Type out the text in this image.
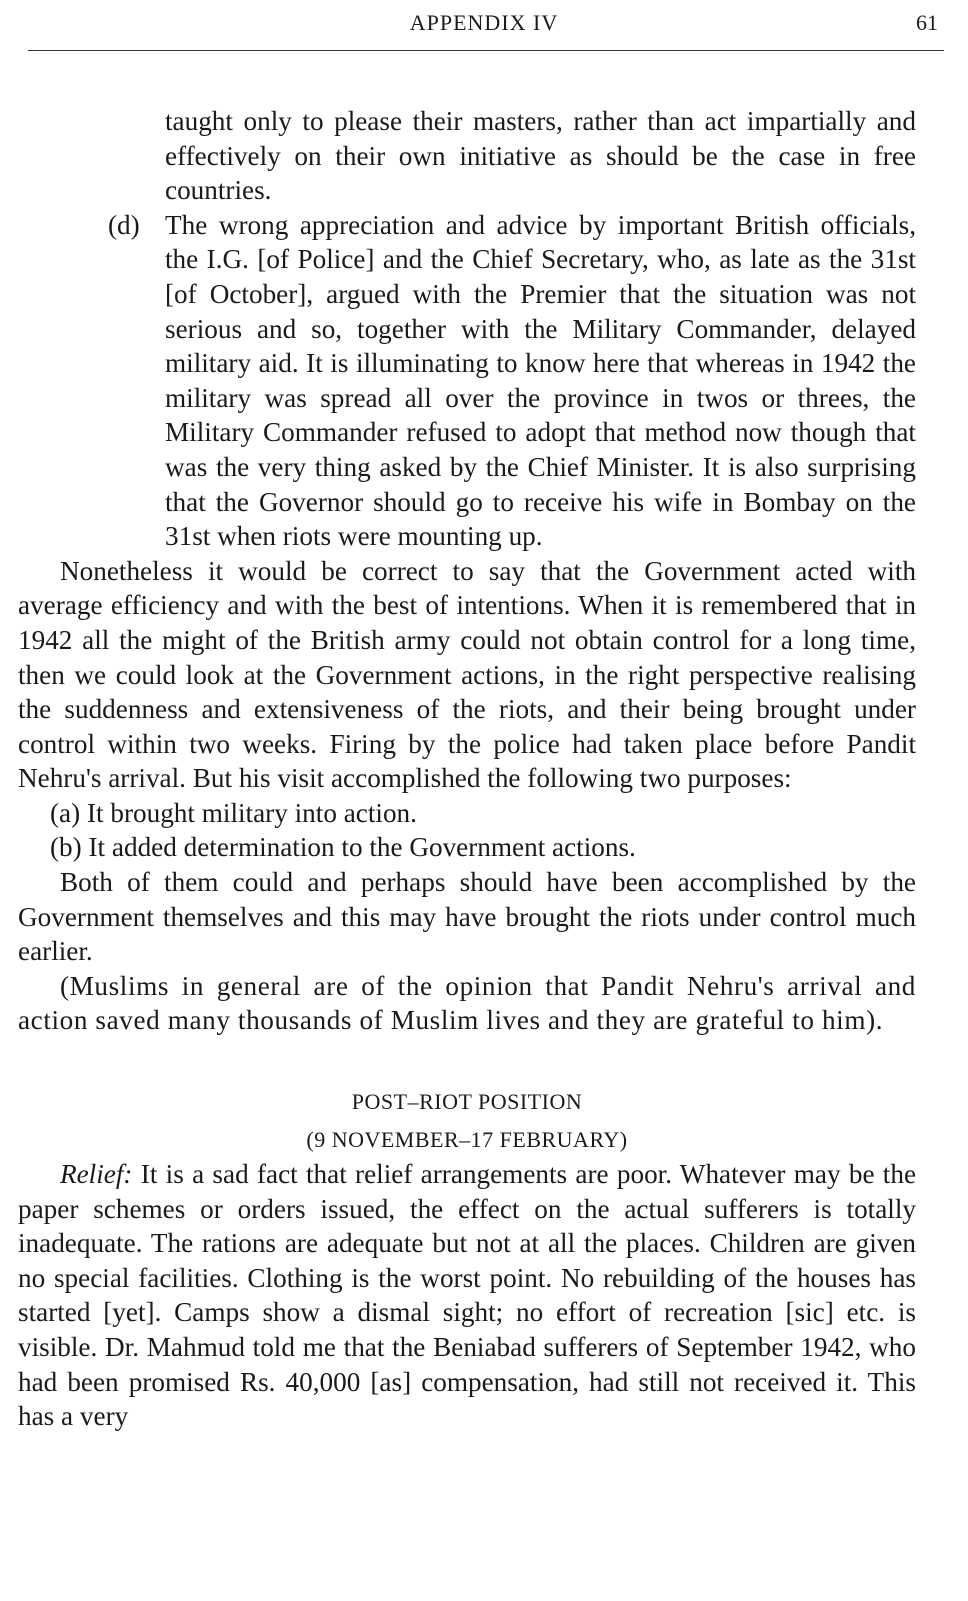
APPENDIX IV	61

taught only to please their masters, rather than act impartially and effectively on their own initiative as should be the case in free countries.

(d) The wrong appreciation and advice by important British officials, the I.G. [of Police] and the Chief Secretary, who, as late as the 31st [of October], argued with the Premier that the situation was not serious and so, together with the Military Commander, delayed military aid. It is illuminating to know here that whereas in 1942 the military was spread all over the province in twos or threes, the Military Commander refused to adopt that method now though that was the very thing asked by the Chief Minister. It is also surprising that the Governor should go to receive his wife in Bombay on the 31st when riots were mounting up.

Nonetheless it would be correct to say that the Government acted with average efficiency and with the best of intentions. When it is remembered that in 1942 all the might of the British army could not obtain control for a long time, then we could look at the Government actions, in the right perspective realising the suddenness and extensiveness of the riots, and their being brought under control within two weeks. Firing by the police had taken place before Pandit Nehru's arrival. But his visit accomplished the following two purposes:

(a) It brought military into action.

(b) It added determination to the Government actions.

Both of them could and perhaps should have been accomplished by the Government themselves and this may have brought the riots under control much earlier.

(Muslims in general are of the opinion that Pandit Nehru's arrival and action saved many thousands of Muslim lives and they are grateful to him).

POST–RIOT POSITION
(9 NOVEMBER–17 FEBRUARY)

Relief: It is a sad fact that relief arrangements are poor. Whatever may be the paper schemes or orders issued, the effect on the actual sufferers is totally inadequate. The rations are adequate but not at all the places. Children are given no special facilities. Clothing is the worst point. No rebuilding of the houses has started [yet]. Camps show a dismal sight; no effort of recreation [sic] etc. is visible. Dr. Mahmud told me that the Beniabad sufferers of September 1942, who had been promised Rs. 40,000 [as] compensation, had still not received it. This has a very
